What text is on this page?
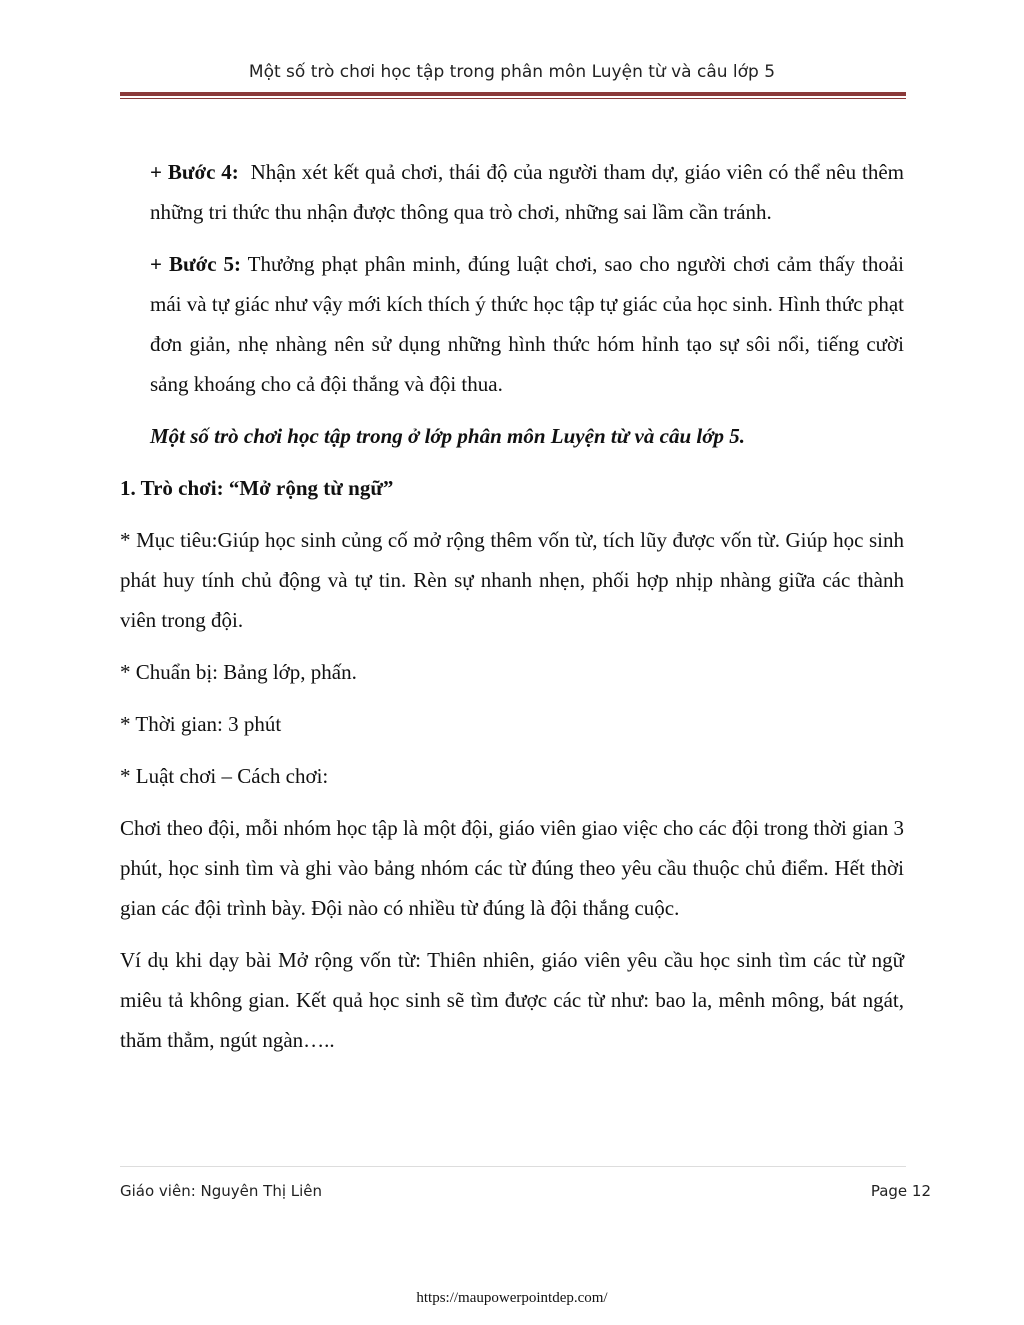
Một số trò chơi học tập trong phân môn Luyện từ và câu lớp 5

+ Bước 4: Nhận xét kết quả chơi, thái độ của người tham dự, giáo viên có thể nêu thêm những tri thức thu nhận được thông qua trò chơi, những sai lầm cần tránh.

+ Bước 5: Thưởng phạt phân minh, đúng luật chơi, sao cho người chơi cảm thấy thoải mái và tự giác như vậy mới kích thích ý thức học tập tự giác của học sinh. Hình thức phạt đơn giản, nhẹ nhàng nên sử dụng những hình thức hóm hỉnh tạo sự sôi nổi, tiếng cười sảng khoáng cho cả đội thắng và đội thua.

Một số trò chơi học tập trong ở lớp phân môn Luyện từ và câu lớp 5.

1. Trò chơi: “Mở rộng từ ngữ”

* Mục tiêu:Giúp học sinh củng cố mở rộng thêm vốn từ, tích lũy được vốn từ. Giúp học sinh phát huy tính chủ động và tự tin. Rèn sự nhanh nhẹn, phối hợp nhịp nhàng giữa các thành viên trong đội.

* Chuẩn bị: Bảng lớp, phấn.

* Thời gian: 3 phút

* Luật chơi – Cách chơi:

Chơi theo đội, mỗi nhóm học tập là một đội, giáo viên giao việc cho các đội trong thời gian 3 phút, học sinh tìm và ghi vào bảng nhóm các từ đúng theo yêu cầu thuộc chủ điểm. Hết thời gian các đội trình bày. Đội nào có nhiều từ đúng là đội thắng cuộc.

Ví dụ khi dạy bài Mở rộng vốn từ: Thiên nhiên, giáo viên yêu cầu học sinh tìm các từ ngữ miêu tả không gian. Kết quả học sinh sẽ tìm được các từ như: bao la, mênh mông, bát ngát, thăm thẳm, ngút ngàn…..

Giáo viên: Nguyên Thị Liên	Page 12
https://maupowerpointdep.com/
